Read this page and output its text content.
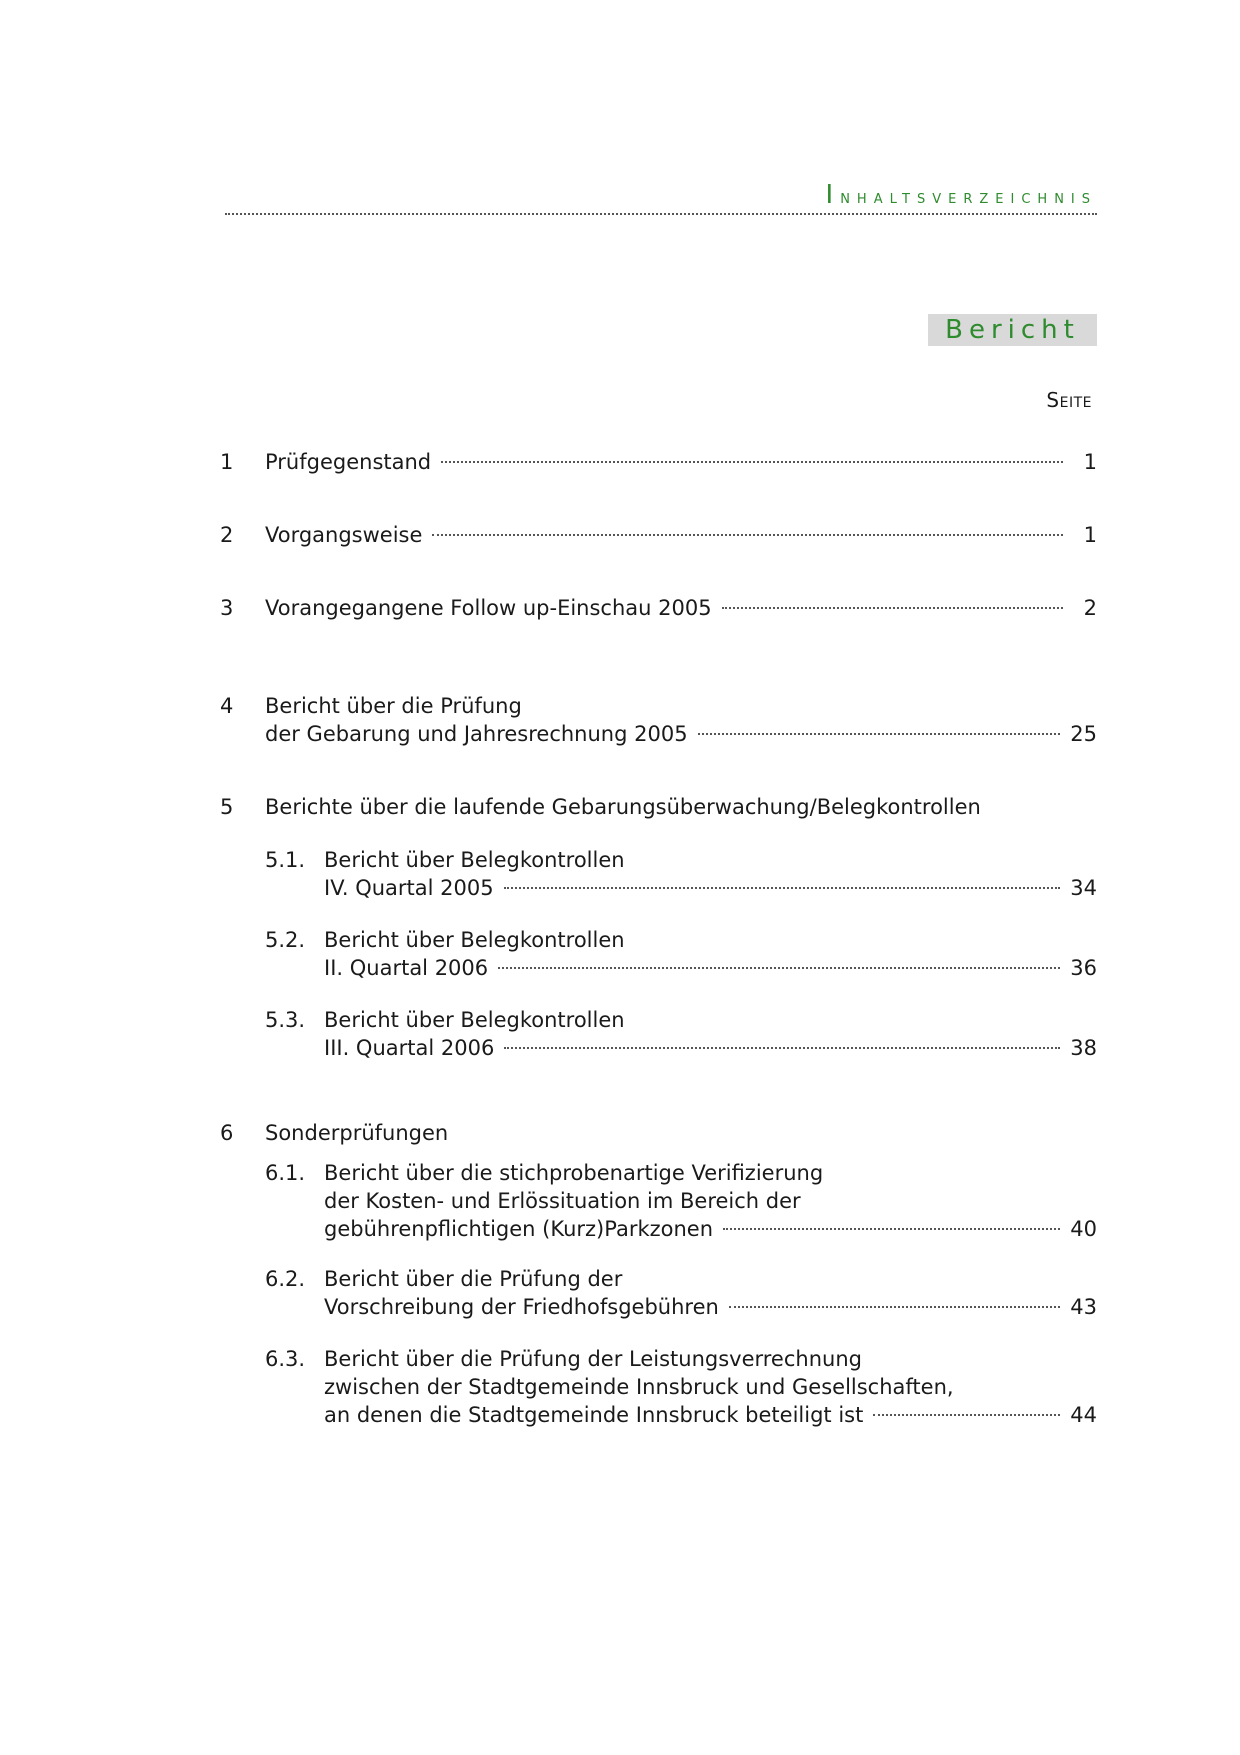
Inhaltsverzeichnis
Bericht
Seite
1 Prüfgegenstand	1
2 Vorgangsweise	1
3 Vorangegangene Follow up-Einschau 2005	2
4 Bericht über die Prüfung
der Gebarung und Jahresrechnung 2005	25
5 Berichte über die laufende Gebarungsüberwachung/Belegkontrollen
5.1. Bericht über Belegkontrollen
IV. Quartal 2005	34
5.2. Bericht über Belegkontrollen
II. Quartal 2006	36
5.3. Bericht über Belegkontrollen
III. Quartal 2006	38
6 Sonderprüfungen
6.1. Bericht über die stichprobenartige Verifizierung
der Kosten- und Erlössituation im Bereich der
gebührenpflichtigen (Kurz)Parkzonen	40
6.2. Bericht über die Prüfung der
Vorschreibung der Friedhofsgebühren	43
6.3. Bericht über die Prüfung der Leistungsverrechnung
zwischen der Stadtgemeinde Innsbruck und Gesellschaften,
an denen die Stadtgemeinde Innsbruck beteiligt ist	44
